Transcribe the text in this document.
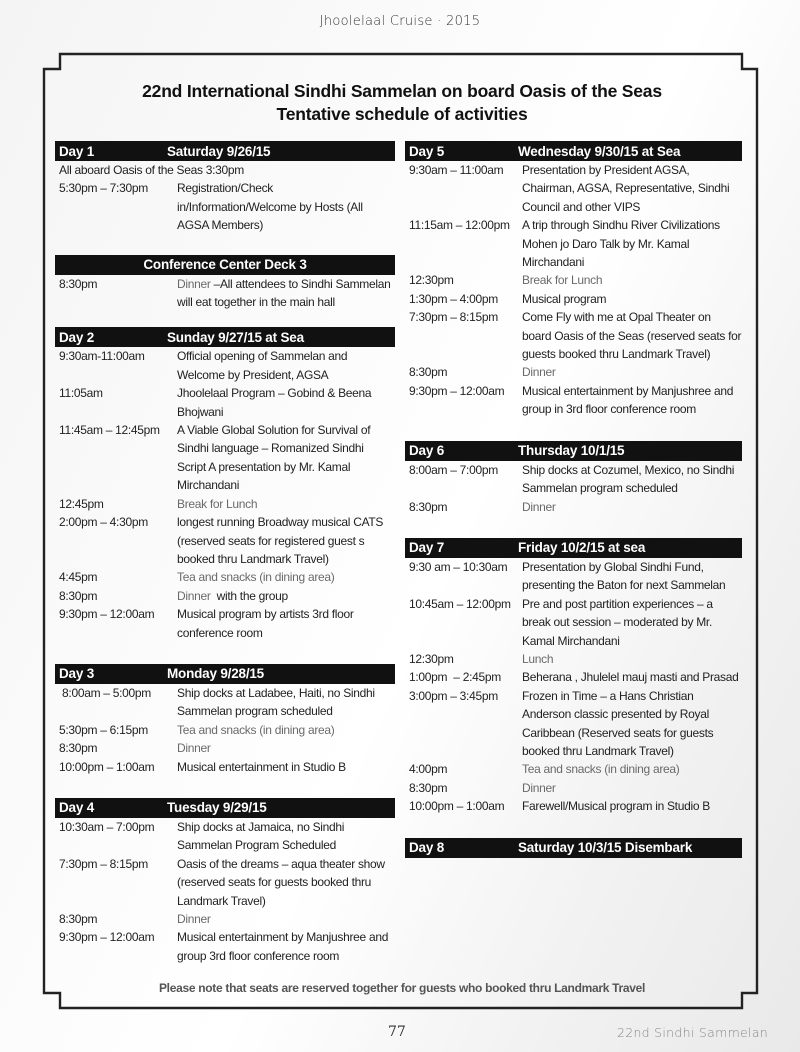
Jhoolelaal Cruise · 2015
22nd International Sindhi Sammelan on board Oasis of the Seas
Tentative schedule of activities
Day 1	Saturday 9/26/15
All aboard Oasis of the Seas 3:30pm
5:30pm – 7:30pm	Registration/Check in/Information/Welcome by Hosts (All AGSA Members)
Conference Center Deck 3
8:30pm	Dinner –All attendees to Sindhi Sammelan will eat together in the main hall
Day 2	Sunday 9/27/15 at Sea
9:30am-11:00am	Official opening of Sammelan and Welcome by President, AGSA
11:05am	Jhoolelaal Program – Gobind & Beena Bhojwani
11:45am – 12:45pm	A Viable Global Solution for Survival of Sindhi language – Romanized Sindhi Script A presentation by Mr. Kamal Mirchandani
12:45pm	Break for Lunch
2:00pm – 4:30pm	longest running Broadway musical CATS (reserved seats for registered guest s booked thru Landmark Travel)
4:45pm	Tea and snacks (in dining area)
8:30pm	Dinner  with the group
9:30pm – 12:00am	Musical program by artists 3rd floor conference room
Day 3	Monday 9/28/15
8:00am – 5:00pm	Ship docks at Ladabee, Haiti, no Sindhi Sammelan program scheduled
5:30pm – 6:15pm	Tea and snacks (in dining area)
8:30pm	Dinner
10:00pm – 1:00am	Musical entertainment in Studio B
Day 4	Tuesday 9/29/15
10:30am – 7:00pm	Ship docks at Jamaica, no Sindhi Sammelan Program Scheduled
7:30pm – 8:15pm	Oasis of the dreams – aqua theater show (reserved seats for guests booked thru Landmark Travel)
8:30pm	Dinner
9:30pm – 12:00am	Musical entertainment by Manjushree and group 3rd floor conference room
Day 5	Wednesday 9/30/15 at Sea
9:30am – 11:00am	Presentation by President AGSA, Chairman, AGSA, Representative, Sindhi Council and other VIPS
11:15am – 12:00pm	A trip through Sindhu River Civilizations Mohen jo Daro Talk by Mr. Kamal Mirchandani
12:30pm	Break for Lunch
1:30pm – 4:00pm	Musical program
7:30pm – 8:15pm	Come Fly with me at Opal Theater on board Oasis of the Seas (reserved seats for guests booked thru Landmark Travel)
8:30pm	Dinner
9:30pm – 12:00am	Musical entertainment by Manjushree and group in 3rd floor conference room
Day 6	Thursday 10/1/15
8:00am – 7:00pm	Ship docks at Cozumel, Mexico, no Sindhi Sammelan program scheduled
8:30pm	Dinner
Day 7	Friday 10/2/15 at sea
9:30 am – 10:30am	Presentation by Global Sindhi Fund, presenting the Baton for next Sammelan
10:45am – 12:00pm Pre and post partition experiences – a break out session – moderated by Mr. Kamal Mirchandani
12:30pm	Lunch
1:00pm  – 2:45pm	Beherana , Jhulelel mauj masti and Prasad
3:00pm – 3:45pm	Frozen in Time – a Hans Christian Anderson classic presented by Royal Caribbean (Reserved seats for guests booked thru Landmark Travel)
4:00pm	Tea and snacks (in dining area)
8:30pm	Dinner
10:00pm – 1:00am	Farewell/Musical program in Studio B
Day 8	Saturday 10/3/15 Disembark
Please note that seats are reserved together for guests who booked thru Landmark Travel
77	22nd Sindhi Sammelan
